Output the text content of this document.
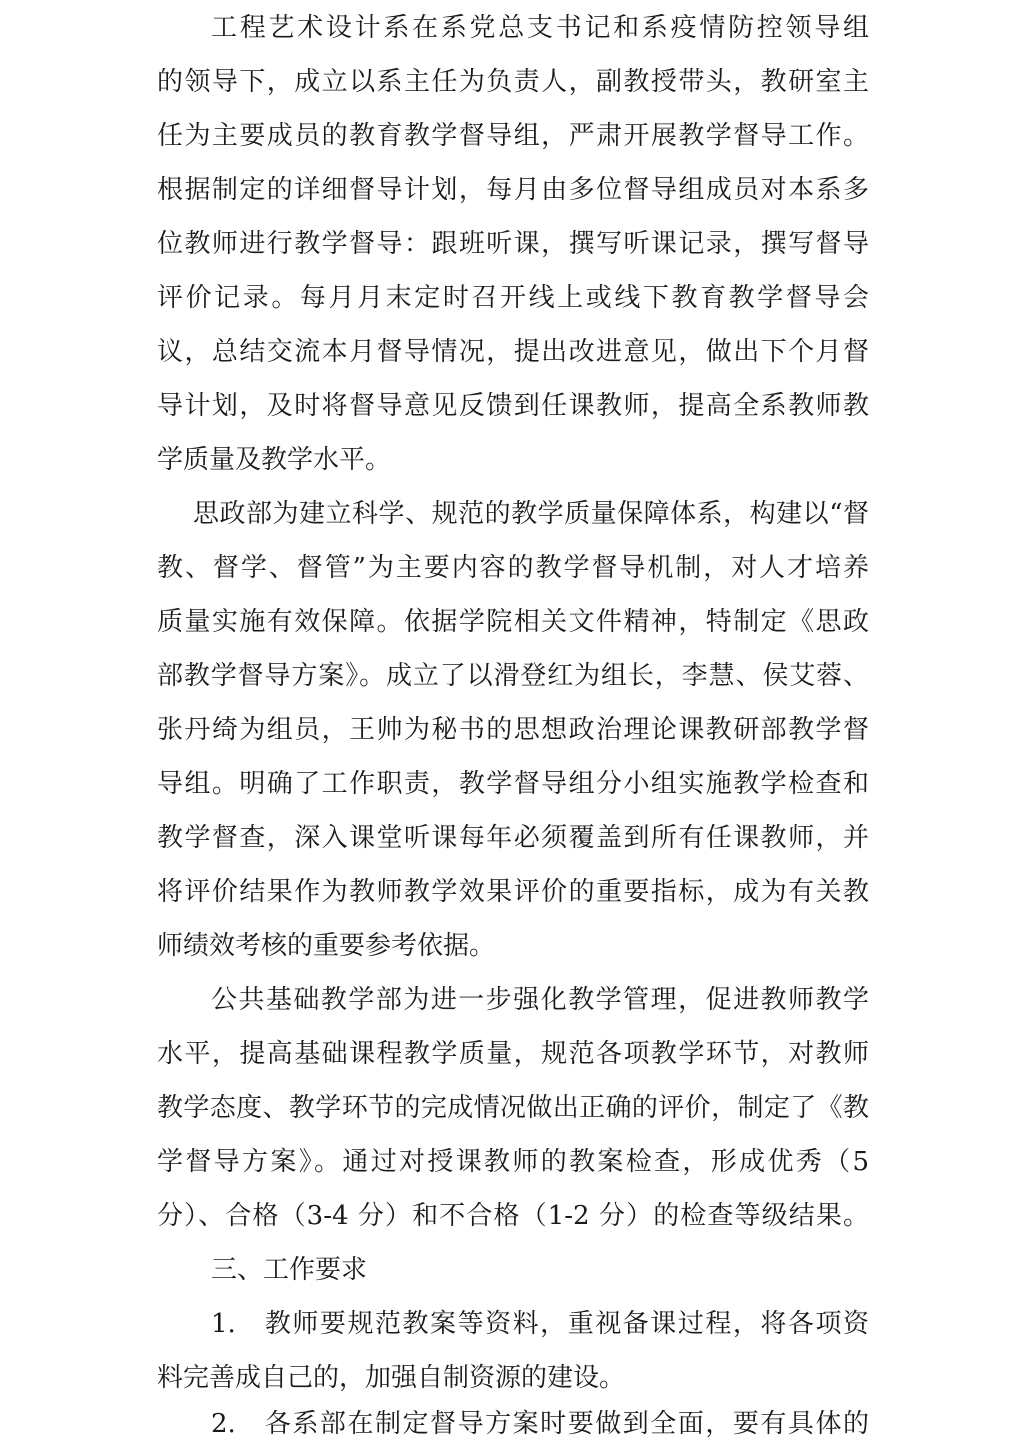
工程艺术设计系在系党总支书记和系疫情防控领导组
的领导下，成立以系主任为负责人，副教授带头，教研室主
任为主要成员的教育教学督导组，严肃开展教学督导工作。
根据制定的详细督导计划，每月由多位督导组成员对本系多
位教师进行教学督导：跟班听课，撰写听课记录，撰写督导
评价记录。每月月末定时召开线上或线下教育教学督导会
议，总结交流本月督导情况，提出改进意见，做出下个月督
导计划，及时将督导意见反馈到任课教师，提高全系教师教
学质量及教学水平。
思政部为建立科学、规范的教学质量保障体系，构建以“督
教、督学、督管”为主要内容的教学督导机制，对人才培养
质量实施有效保障。依据学院相关文件精神，特制定《思政
部教学督导方案》。成立了以滑登红为组长，李慧、侯艾蓉、
张丹绮为组员，王帅为秘书的思想政治理论课教研部教学督
导组。明确了工作职责，教学督导组分小组实施教学检查和
教学督查，深入课堂听课每年必须覆盖到所有任课教师，并
将评价结果作为教师教学效果评价的重要指标，成为有关教
师绩效考核的重要参考依据。
公共基础教学部为进一步强化教学管理，促进教师教学
水平，提高基础课程教学质量，规范各项教学环节，对教师
教学态度、教学环节的完成情况做出正确的评价，制定了《教
学督导方案》。通过对授课教师的教案检查，形成优秀（5
分）、合格（3-4 分）和不合格（1-2 分）的检查等级结果。
三、工作要求
1.　教师要规范教案等资料，重视备课过程，将各项资
料完善成自己的，加强自制资源的建设。
2.　各系部在制定督导方案时要做到全面，要有具体的
